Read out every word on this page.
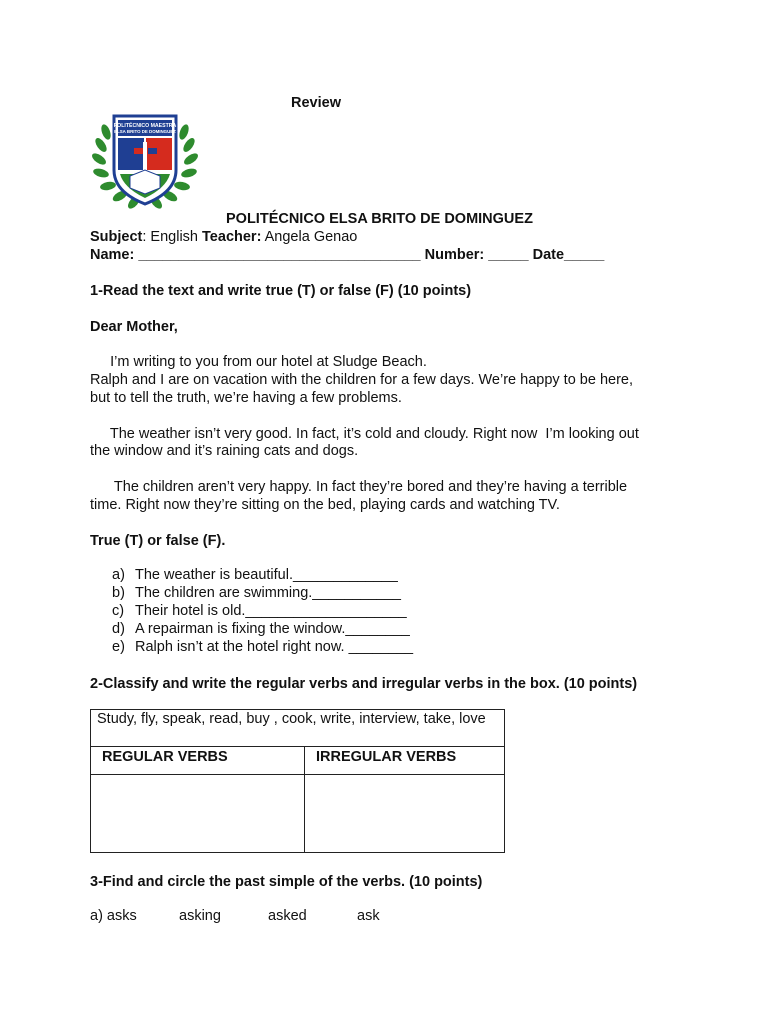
Review
POLITÉCNICO MAESTRA
ELSA BRITO DE DOMINGUEZ
POLITÉCNICO ELSA BRITO DE DOMINGUEZ
Subject: English Teacher: Angela Genao
Name: ___________________________________ Number: _____ Date_____
1-Read the text and write true (T) or false (F) (10 points)
Dear Mother,
I’m writing to you from our hotel at Sludge Beach.
Ralph and I are on vacation with the children for a few days. We’re happy to be here,
but to tell the truth, we’re having a few problems.
The weather isn’t very good. In fact, it’s cold and cloudy. Right now  I’m looking out
the window and it’s raining cats and dogs.
The children aren’t very happy. In fact they’re bored and they’re having a terrible
time. Right now they’re sitting on the bed, playing cards and watching TV.
True (T) or false (F).
a) The weather is beautiful._____________
b) The children are swimming.___________
c) Their hotel is old.____________________
d) A repairman is fixing the window.________
e) Ralph isn’t at the hotel right now. ________
2-Classify and write the regular verbs and irregular verbs in the box. (10 points)
Study, fly, speak, read, buy , cook, write, interview, take, love	

REGULAR VERBS	IRREGULAR VERBS

3-Find and circle the past simple of the verbs. (10 points)
a) asks	asking	asked	ask
